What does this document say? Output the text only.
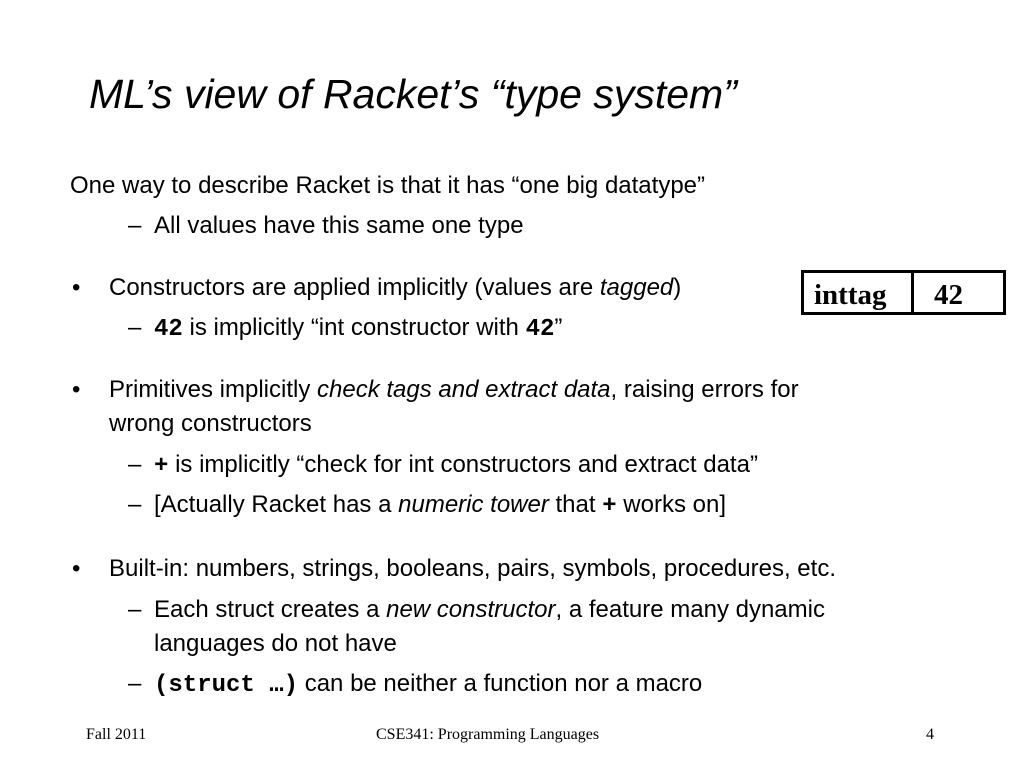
ML’s view of Racket’s “type system”
One way to describe Racket is that it has “one big datatype”
– All values have this same one type
• Constructors are applied implicitly (values are tagged)
– 42 is implicitly “int constructor with 42”
inttag	42
• Primitives implicitly check tags and extract data, raising errors for
wrong constructors
– + is implicitly “check for int constructors and extract data”
– [Actually Racket has a numeric tower that + works on]
• Built-in: numbers, strings, booleans, pairs, symbols, procedures, etc.
– Each struct creates a new constructor, a feature many dynamic
languages do not have
– (struct …) can be neither a function nor a macro
Fall 2011	CSE341: Programming Languages	4
